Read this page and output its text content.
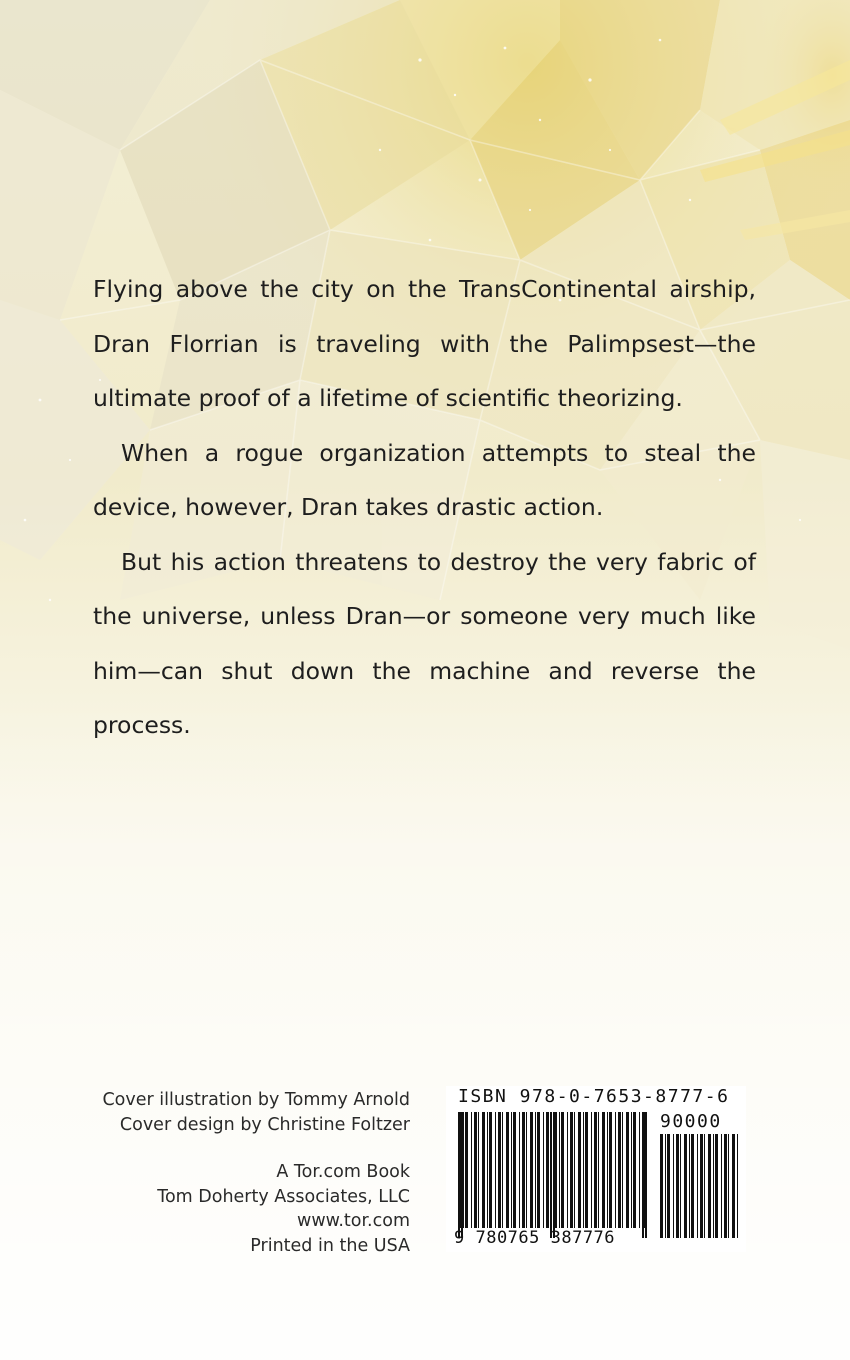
Flying above the city on the TransContinental airship, Dran Florrian is traveling with the Palimpsest—the ultimate proof of a lifetime of scientific theorizing.

When a rogue organization attempts to steal the device, however, Dran takes drastic action.

But his action threatens to destroy the very fabric of the universe, unless Dran—or someone very much like him—can shut down the machine and reverse the process.

Cover illustration by Tommy Arnold
Cover design by Christine Foltzer
A Tor.com Book
Tom Doherty Associates, LLC
www.tor.com
Printed in the USA
ISBN 978-0-7653-8777-6
90000
9 780765 387776
